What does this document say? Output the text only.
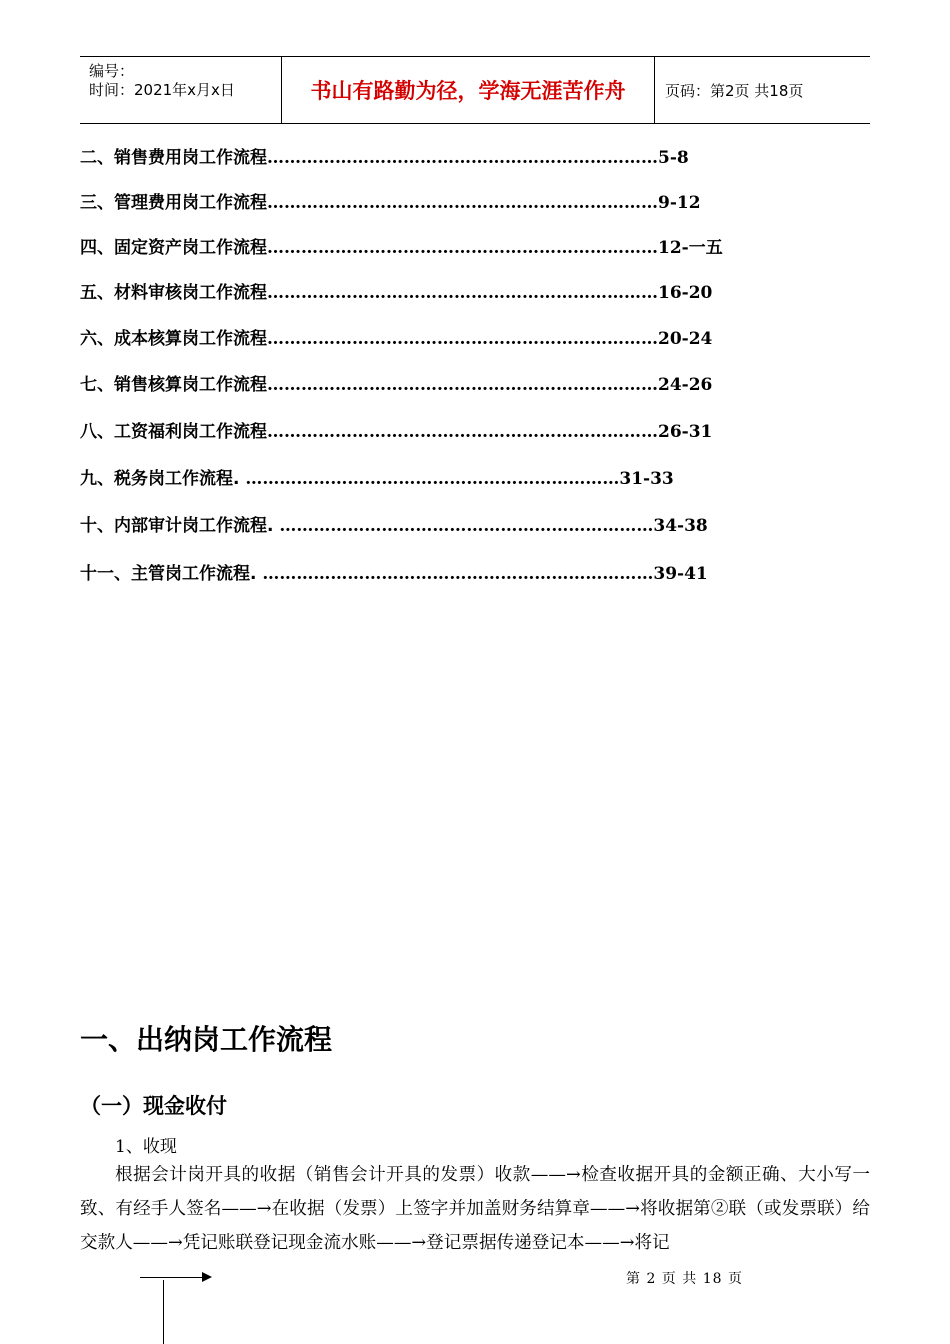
编号：
时间：2021年x月x日	书山有路勤为径，学海无涯苦作舟	页码：第2页 共18页
二、销售费用岗工作流程……………………………………………………………5-8
三、管理费用岗工作流程……………………………………………………………9-12
四、固定资产岗工作流程……………………………………………………………12-一五
五、材料审核岗工作流程……………………………………………………………16-20
六、成本核算岗工作流程……………………………………………………………20-24
七、销售核算岗工作流程……………………………………………………………24-26
八、工资福利岗工作流程……………………………………………………………26-31
九、税务岗工作流程. …………………………………………………………31-33
十、内部审计岗工作流程. …………………………………………………………34-38
十一、主管岗工作流程. ……………………………………………………………39-41
一、出纳岗工作流程
（一）现金收付
1、收现
根据会计岗开具的收据（销售会计开具的发票）收款——→检查收据开具的金额正确、大小写一致、有经手人签名——→在收据（发票）上签字并加盖财务结算章——→将收据第②联（或发票联）给交款人——→凭记账联登记现金流水账——→登记票据传递登记本——→将记
第 2 页 共 18 页
